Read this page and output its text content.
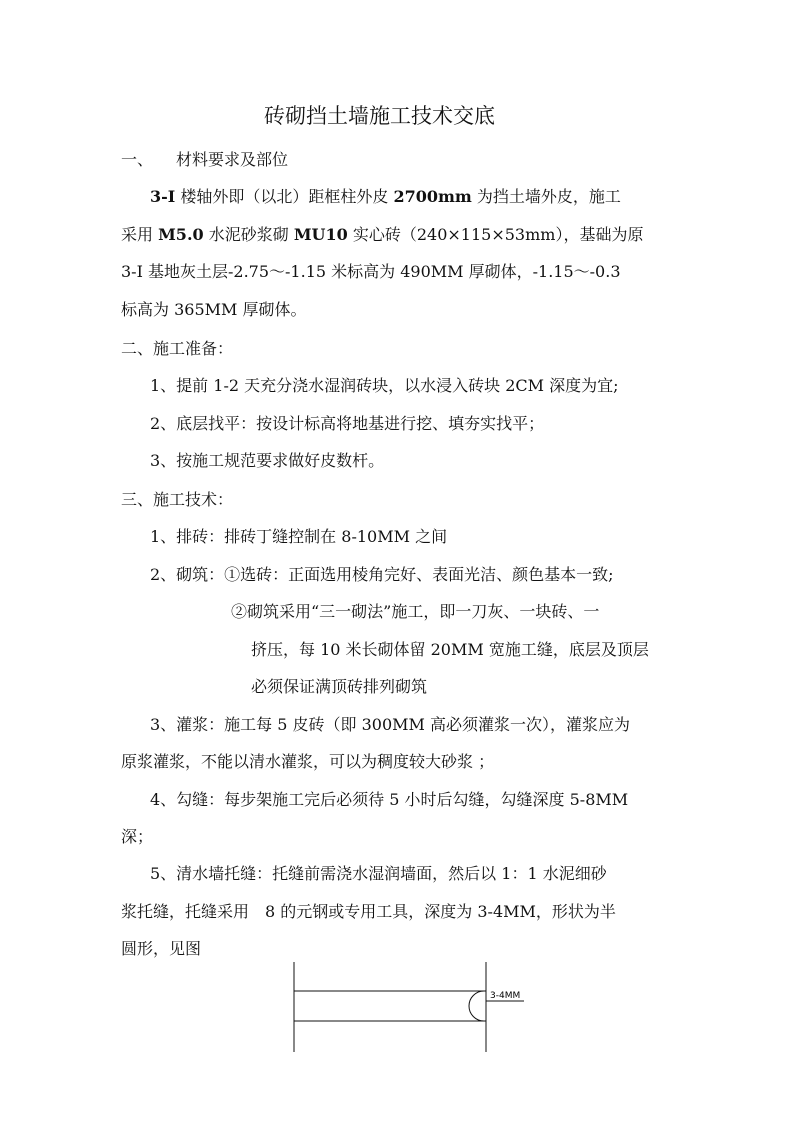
砖砌挡土墙施工技术交底
一、 材料要求及部位
3-I 楼轴外即（以北）距框柱外皮 2700mm 为挡土墙外皮，施工
采用 M5.0 水泥砂浆砌 MU10 实心砖（240×115×53mm），基础为原
3-I 基地灰土层-2.75～-1.15 米标高为 490MM 厚砌体，-1.15～-0.3
标高为 365MM 厚砌体。
二、施工准备：
1、提前 1-2 天充分浇水湿润砖块，以水浸入砖块 2CM 深度为宜;
2、底层找平：按设计标高将地基进行挖、填夯实找平；
3、按施工规范要求做好皮数杆。
三、施工技术：
1、排砖：排砖丁缝控制在 8-10MM 之间
2、砌筑：①选砖：正面选用棱角完好、表面光洁、颜色基本一致;
②砌筑采用“三一砌法”施工，即一刀灰、一块砖、一
挤压，每 10 米长砌体留 20MM 宽施工缝，底层及顶层
必须保证满顶砖排列砌筑
3、灌浆：施工每 5 皮砖（即 300MM 高必须灌浆一次），灌浆应为
原浆灌浆，不能以清水灌浆，可以为稠度较大砂浆 ；
4、勾缝：每步架施工完后必须待 5 小时后勾缝，勾缝深度 5-8MM
深；
5、清水墙托缝：托缝前需浇水湿润墙面，然后以 1：1 水泥细砂
浆托缝，托缝采用　8 的元钢或专用工具，深度为 3-4MM，形状为半
圆形，见图
3-4MM
